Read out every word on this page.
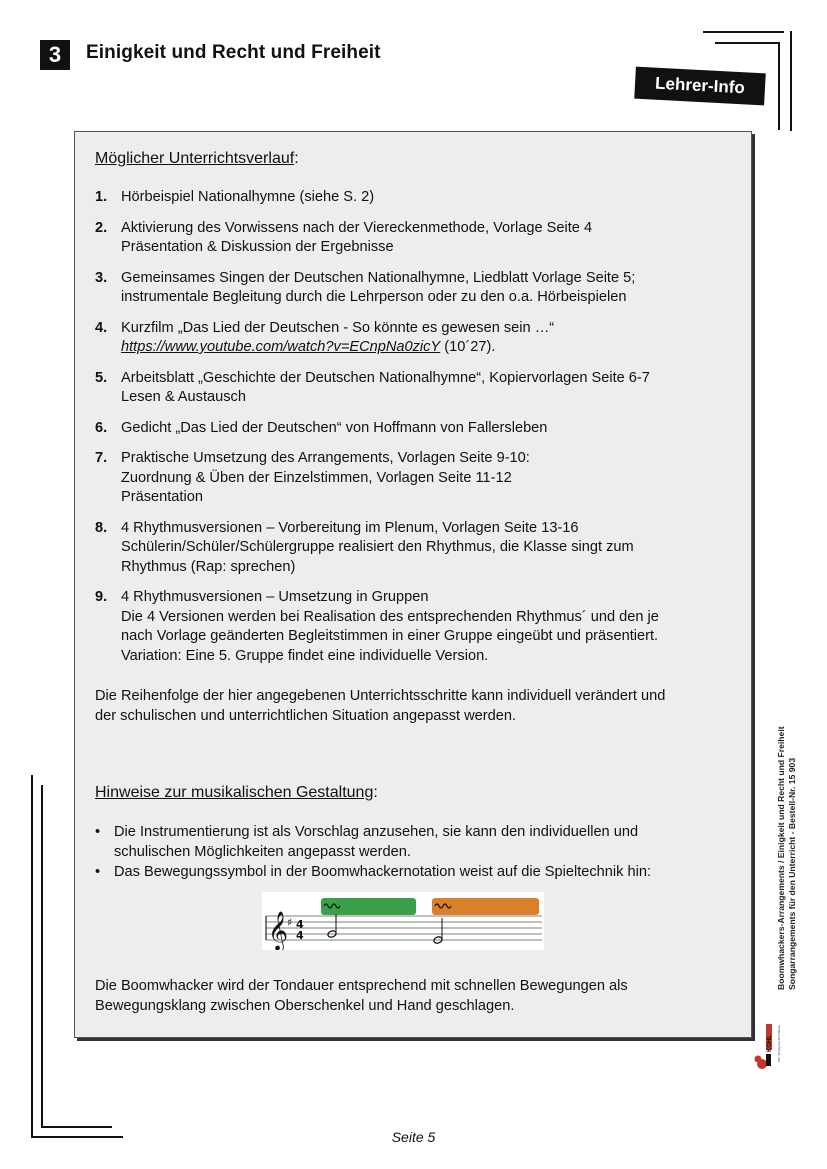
3	Einigkeit und Recht und Freiheit
Lehrer-Info
Möglicher Unterrichtsverlauf:
1. Hörbeispiel Nationalhymne (siehe S. 2)
2. Aktivierung des Vorwissens nach der Viereckenmethode, Vorlage Seite 4
Präsentation & Diskussion der Ergebnisse
3. Gemeinsames Singen der Deutschen Nationalhymne, Liedblatt Vorlage Seite 5;
instrumentale Begleitung durch die Lehrperson oder zu den o.a. Hörbeispielen
4. Kurzfilm „Das Lied der Deutschen - So könnte es gewesen sein …“
https://www.youtube.com/watch?v=ECnpNa0zicY (10´27).
5. Arbeitsblatt „Geschichte der Deutschen Nationalhymne“, Kopiervorlagen Seite 6-7
Lesen & Austausch
6. Gedicht „Das Lied der Deutschen“ von Hoffmann von Fallersleben
7. Praktische Umsetzung des Arrangements, Vorlagen Seite 9-10:
Zuordnung & Üben der Einzelstimmen, Vorlagen Seite 11-12
Präsentation
8. 4 Rhythmusversionen – Vorbereitung im Plenum, Vorlagen Seite 13-16
Schülerin/Schüler/Schülergruppe realisiert den Rhythmus, die Klasse singt zum
Rhythmus (Rap: sprechen)
9. 4 Rhythmusversionen – Umsetzung in Gruppen
Die 4 Versionen werden bei Realisation des entsprechenden Rhythmus´ und den je
nach Vorlage geänderten Begleitstimmen in einer Gruppe eingeübt und präsentiert.
Variation: Eine 5. Gruppe findet eine individuelle Version.
Die Reihenfolge der hier angegebenen Unterrichtsschritte kann individuell verändert und
der schulischen und unterrichtlichen Situation angepasst werden.
Hinweise zur musikalischen Gestaltung:
• Die Instrumentierung ist als Vorschlag anzusehen, sie kann den individuellen und
schulischen Möglichkeiten angepasst werden.
• Das Bewegungssymbol in der Boomwhackernotation weist auf die Spieltechnik hin:
𝄞
♯ 4
4
Die Boomwhacker wird der Tondauer entsprechend mit schnellen Bewegungen als
Bewegungsklang zwischen Oberschenkel und Hand geschlagen.
Boomwhackers-Arrangements / Einigkeit und Recht und Freiheit Songarrangements für den Unterricht - Bestell-Nr. 15 903
KOHL Der Verlag mit dem Baum
Seite 5
